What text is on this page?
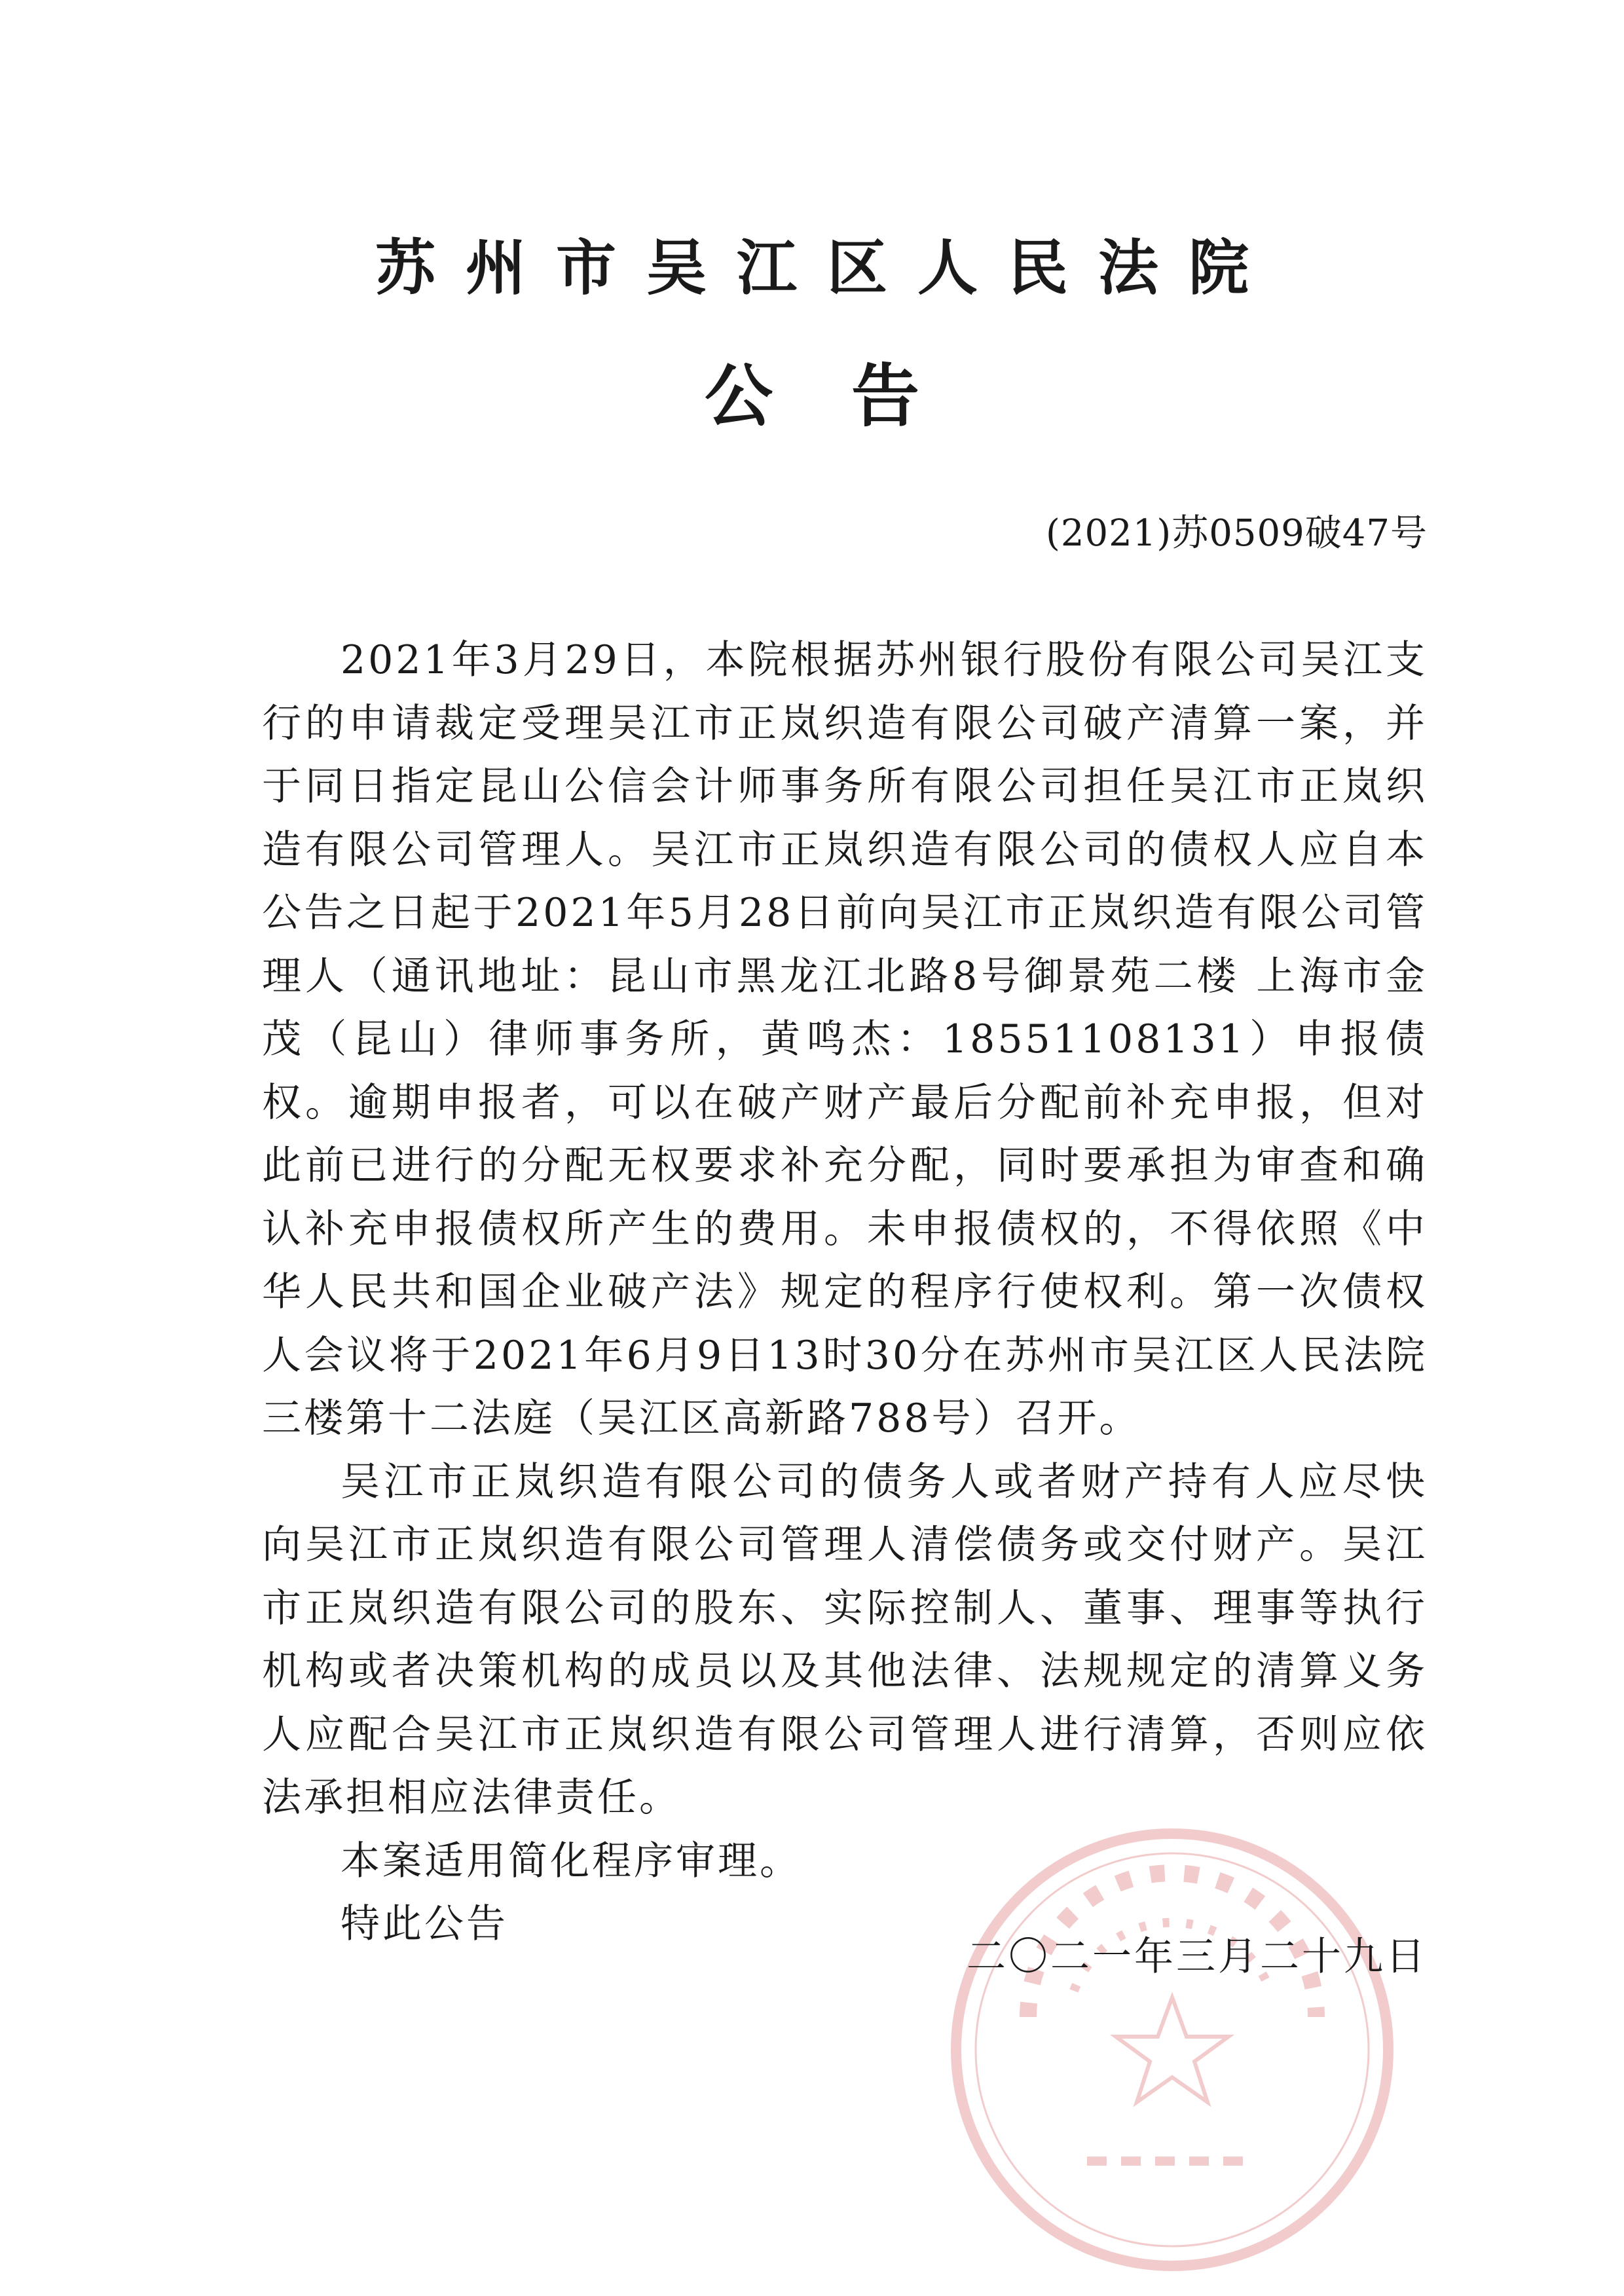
苏州市吴江区人民法院
公告

(2021)苏0509破47号

2021年3月29日，本院根据苏州银行股份有限公司吴江支行的申请裁定受理吴江市正岚织造有限公司破产清算一案，并于同日指定昆山公信会计师事务所有限公司担任吴江市正岚织造有限公司管理人。吴江市正岚织造有限公司的债权人应自本公告之日起于2021年5月28日前向吴江市正岚织造有限公司管理人（通讯地址：昆山市黑龙江北路8号御景苑二楼 上海市金茂（昆山）律师事务所，黄鸣杰：18551108131）申报债权。逾期申报者，可以在破产财产最后分配前补充申报，但对此前已进行的分配无权要求补充分配，同时要承担为审查和确认补充申报债权所产生的费用。未申报债权的，不得依照《中华人民共和国企业破产法》规定的程序行使权利。第一次债权人会议将于2021年6月9日13时30分在苏州市吴江区人民法院三楼第十二法庭（吴江区高新路788号）召开。

吴江市正岚织造有限公司的债务人或者财产持有人应尽快向吴江市正岚织造有限公司管理人清偿债务或交付财产。吴江市正岚织造有限公司的股东、实际控制人、董事、理事等执行机构或者决策机构的成员以及其他法律、法规规定的清算义务人应配合吴江市正岚织造有限公司管理人进行清算，否则应依法承担相应法律责任。

本案适用简化程序审理。

特此公告

二〇二一年三月二十九日
